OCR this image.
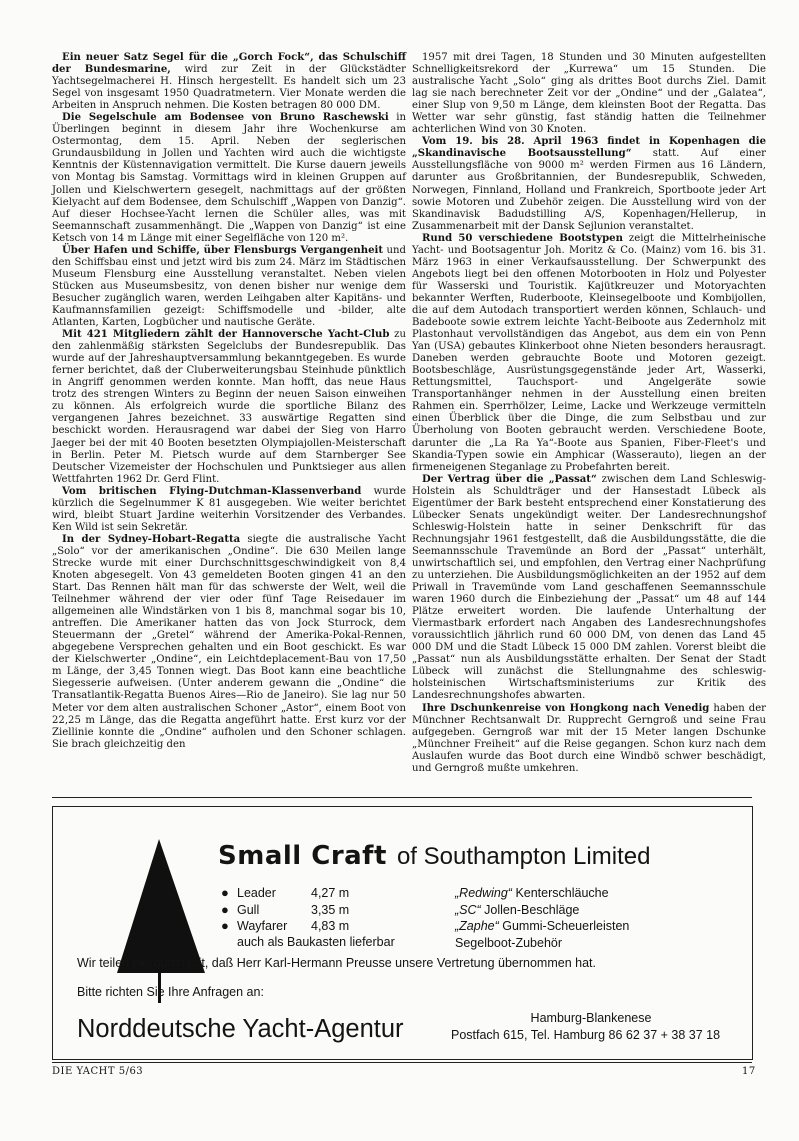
Ein neuer Satz Segel für die „Gorch Fock“, das Schulschiff der Bundesmarine, wird zur Zeit in der Glückstädter Yachtsegelmacherei H. Hinsch hergestellt. Es handelt sich um 23 Segel von insgesamt 1950 Quadratmetern. Vier Monate werden die Arbeiten in Anspruch nehmen. Die Kosten betragen 80 000 DM.

Die Segelschule am Bodensee von Bruno Raschewski in Überlingen beginnt in diesem Jahr ihre Wochenkurse am Ostermontag, dem 15. April. Neben der seglerischen Grundausbildung in Jollen und Yachten wird auch die wichtigste Kenntnis der Küstennavigation vermittelt. Die Kurse dauern jeweils von Montag bis Samstag. Vormittags wird in kleinen Gruppen auf Jollen und Kielschwertern gesegelt, nachmittags auf der größten Kielyacht auf dem Bodensee, dem Schulschiff „Wappen von Danzig“. Auf dieser Hochsee-Yacht lernen die Schüler alles, was mit Seemannschaft zusammenhängt. Die „Wappen von Danzig“ ist eine Ketsch von 14 m Länge mit einer Segelfläche von 120 m².

Über Hafen und Schiffe, über Flensburgs Vergangenheit und den Schiffsbau einst und jetzt wird bis zum 24. März im Städtischen Museum Flensburg eine Ausstellung veranstaltet. Neben vielen Stücken aus Museumsbesitz, von denen bisher nur wenige dem Besucher zugänglich waren, werden Leihgaben alter Kapitäns- und Kaufmannsfamilien gezeigt: Schiffsmodelle und -bilder, alte Atlanten, Karten, Logbücher und nautische Geräte.

Mit 421 Mitgliedern zählt der Hannoversche Yacht-Club zu den zahlenmäßig stärksten Segelclubs der Bundesrepublik. Das wurde auf der Jahreshauptversammlung bekanntgegeben. Es wurde ferner berichtet, daß der Cluberweiterungsbau Steinhude pünktlich in Angriff genommen werden konnte. Man hofft, das neue Haus trotz des strengen Winters zu Beginn der neuen Saison einweihen zu können. Als erfolgreich wurde die sportliche Bilanz des vergangenen Jahres bezeichnet. 33 auswärtige Regatten sind beschickt worden. Herausragend war dabei der Sieg von Harro Jaeger bei der mit 40 Booten besetzten Olympiajollen-Meisterschaft in Berlin. Peter M. Pietsch wurde auf dem Starnberger See Deutscher Vizemeister der Hochschulen und Punktsieger aus allen Wettfahrten 1962 Dr. Gerd Flint.

Vom britischen Flying-Dutchman-Klassenverband wurde kürzlich die Segelnummer K 81 ausgegeben. Wie weiter berichtet wird, bleibt Stuart Jardine weiterhin Vorsitzender des Verbandes. Ken Wild ist sein Sekretär.

In der Sydney-Hobart-Regatta siegte die australische Yacht „Solo“ vor der amerikanischen „Ondine“. Die 630 Meilen lange Strecke wurde mit einer Durchschnittsgeschwindigkeit von 8,4 Knoten abgesegelt. Von 43 gemeldeten Booten gingen 41 an den Start. Das Rennen hält man für das schwerste der Welt, weil die Teilnehmer während der vier oder fünf Tage Reisedauer im allgemeinen alle Windstärken von 1 bis 8, manchmal sogar bis 10, antreffen. Die Amerikaner hatten das von Jock Sturrock, dem Steuermann der „Gretel“ während der Amerika-Pokal-Rennen, abgegebene Versprechen gehalten und ein Boot geschickt. Es war der Kielschwerter „Ondine“, ein Leichtdeplacement-Bau von 17,50 m Länge, der 3,45 Tonnen wiegt. Das Boot kann eine beachtliche Siegesserie aufweisen. (Unter anderem gewann die „Ondine“ die Transatlantik-Regatta Buenos Aires—Rio de Janeiro). Sie lag nur 50 Meter vor dem alten australischen Schoner „Astor“, einem Boot von 22,25 m Länge, das die Regatta angeführt hatte. Erst kurz vor der Ziellinie konnte die „Ondine“ aufholen und den Schoner schlagen. Sie brach gleichzeitig den

1957 mit drei Tagen, 18 Stunden und 30 Minuten aufgestellten Schnelligkeitsrekord der „Kurrewa“ um 15 Stunden. Die australische Yacht „Solo“ ging als drittes Boot durchs Ziel. Damit lag sie nach berechneter Zeit vor der „Ondine“ und der „Galatea“, einer Slup von 9,50 m Länge, dem kleinsten Boot der Regatta. Das Wetter war sehr günstig, fast ständig hatten die Teilnehmer achterlichen Wind von 30 Knoten.

Vom 19. bis 28. April 1963 findet in Kopenhagen die „Skandinavische Bootsausstellung“ statt. Auf einer Ausstellungsfläche von 9000 m² werden Firmen aus 16 Ländern, darunter aus Großbritannien, der Bundesrepublik, Schweden, Norwegen, Finnland, Holland und Frankreich, Sportboote jeder Art sowie Motoren und Zubehör zeigen. Die Ausstellung wird von der Skandinavisk Badudstilling A/S, Kopenhagen/Hellerup, in Zusammenarbeit mit der Dansk Sejlunion veranstaltet.

Rund 50 verschiedene Bootstypen zeigt die Mittelrheinische Yacht- und Bootsagentur Joh. Moritz & Co. (Mainz) vom 16. bis 31. März 1963 in einer Verkaufsausstellung. Der Schwerpunkt des Angebots liegt bei den offenen Motorbooten in Holz und Polyester für Wasserski und Touristik. Kajütkreuzer und Motoryachten bekannter Werften, Ruderboote, Kleinsegelboote und Kombijollen, die auf dem Autodach transportiert werden können, Schlauch- und Badeboote sowie extrem leichte Yacht-Beiboote aus Zedernholz mit Plastonhaut vervollständigen das Angebot, aus dem ein von Penn Yan (USA) gebautes Klinkerboot ohne Nieten besonders herausragt. Daneben werden gebrauchte Boote und Motoren gezeigt. Bootsbeschläge, Ausrüstungsgegenstände jeder Art, Wasserki, Rettungsmittel, Tauchsport- und Angelgeräte sowie Transportanhänger nehmen in der Ausstellung einen breiten Rahmen ein. Sperrhölzer, Leime, Lacke und Werkzeuge vermitteln einen Überblick über die Dinge, die zum Selbstbau und zur Überholung von Booten gebraucht werden. Verschiedene Boote, darunter die „La Ra Ya“-Boote aus Spanien, Fiber-Fleet's und Skandia-Typen sowie ein Amphicar (Wasserauto), liegen an der firmeneigenen Steganlage zu Probefahrten bereit.

Der Vertrag über die „Passat“ zwischen dem Land Schleswig-Holstein als Schuldträger und der Hansestadt Lübeck als Eigentümer der Bark besteht entsprechend einer Konstatierung des Lübecker Senats ungekündigt weiter. Der Landesrechnungshof Schleswig-Holstein hatte in seiner Denkschrift für das Rechnungsjahr 1961 festgestellt, daß die Ausbildungsstätte, die die Seemannsschule Travemünde an Bord der „Passat“ unterhält, unwirtschaftlich sei, und empfohlen, den Vertrag einer Nachprüfung zu unterziehen. Die Ausbildungsmöglichkeiten an der 1952 auf dem Priwall in Travemünde vom Land geschaffenen Seemannsschule waren 1960 durch die Einbeziehung der „Passat“ um 48 auf 144 Plätze erweitert worden. Die laufende Unterhaltung der Viermastbark erfordert nach Angaben des Landesrechnungshofes voraussichtlich jährlich rund 60 000 DM, von denen das Land 45 000 DM und die Stadt Lübeck 15 000 DM zahlen. Vorerst bleibt die „Passat“ nun als Ausbildungsstätte erhalten. Der Senat der Stadt Lübeck will zunächst die Stellungnahme des schleswig-holsteinischen Wirtschaftsministeriums zur Kritik des Landesrechnungshofes abwarten.

Ihre Dschunkenreise von Hongkong nach Venedig haben der Münchner Rechtsanwalt Dr. Rupprecht Gerngroß und seine Frau aufgegeben. Gerngroß war mit der 15 Meter langen Dschunke „Münchner Freiheit“ auf die Reise gegangen. Schon kurz nach dem Auslaufen wurde das Boot durch eine Windbö schwer beschädigt, und Gerngroß mußte umkehren.

Small Craft of Southampton Limited
● Leader	4,27 m
● Gull	3,35 m
● Wayfarer 4,83 m
auch als Baukasten lieferbar
„Redwing“ Kenterschläuche
„SC“ Jollen-Beschläge
„Zaphe“ Gummi-Scheuerleisten
Segelboot-Zubehör
Wir teilen hierdurch mit, daß Herr Karl-Hermann Preusse unsere Vertretung übernommen hat.
Bitte richten Sie Ihre Anfragen an:
Norddeutsche Yacht-Agentur	Hamburg-Blankenese
Postfach 615, Tel. Hamburg 86 62 37 + 38 37 18
DIE YACHT 5/63	17
